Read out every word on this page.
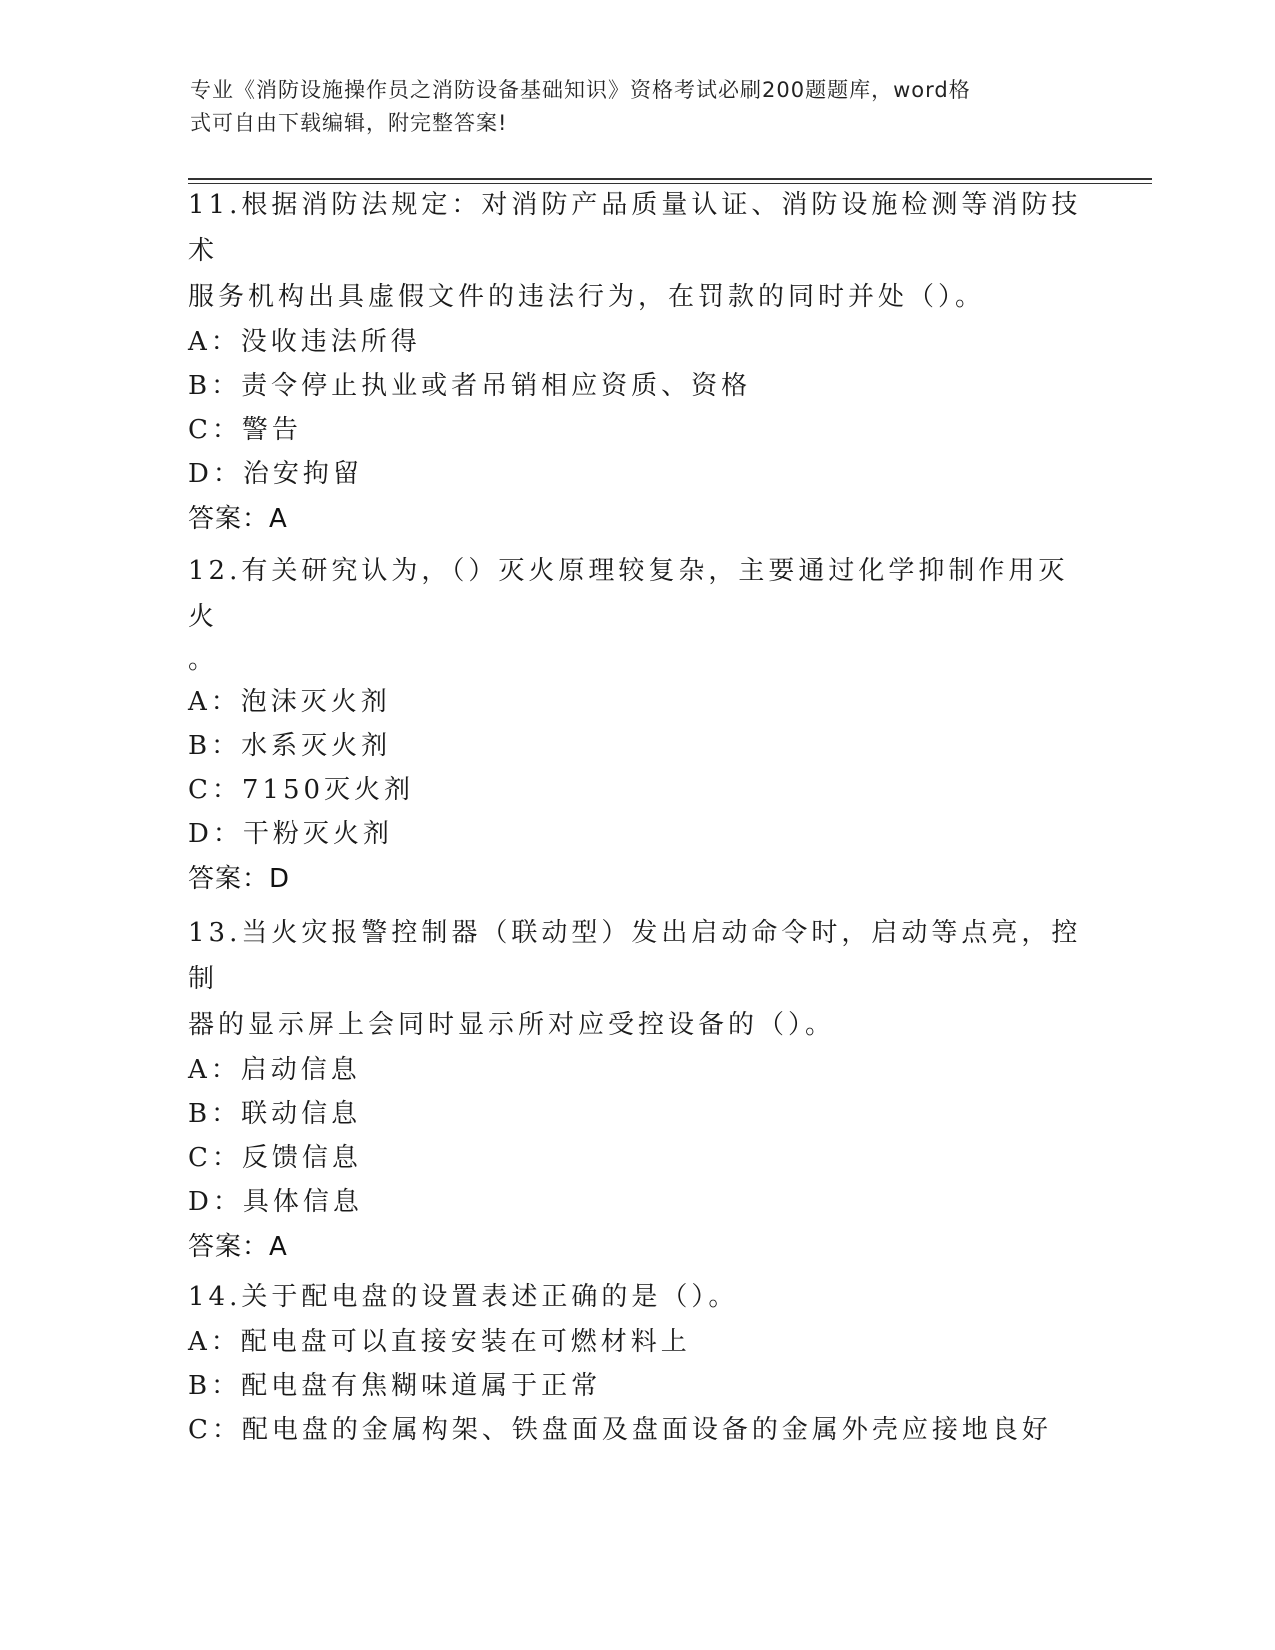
专业《消防设施操作员之消防设备基础知识》资格考试必刷200题题库，word格
式可自由下载编辑，附完整答案!
11.根据消防法规定：对消防产品质量认证、消防设施检测等消防技术
服务机构出具虚假文件的违法行为，在罚款的同时并处（）。
A：没收违法所得
B：责令停止执业或者吊销相应资质、资格
C：警告
D：治安拘留
答案：A
12.有关研究认为，（）灭火原理较复杂，主要通过化学抑制作用灭火
。
A：泡沫灭火剂
B：水系灭火剂
C：7150灭火剂
D：干粉灭火剂
答案：D
13.当火灾报警控制器（联动型）发出启动命令时，启动等点亮，控制
器的显示屏上会同时显示所对应受控设备的（）。
A：启动信息
B：联动信息
C：反馈信息
D：具体信息
答案：A
14.关于配电盘的设置表述正确的是（）。
A：配电盘可以直接安装在可燃材料上
B：配电盘有焦糊味道属于正常
C：配电盘的金属构架、铁盘面及盘面设备的金属外壳应接地良好
